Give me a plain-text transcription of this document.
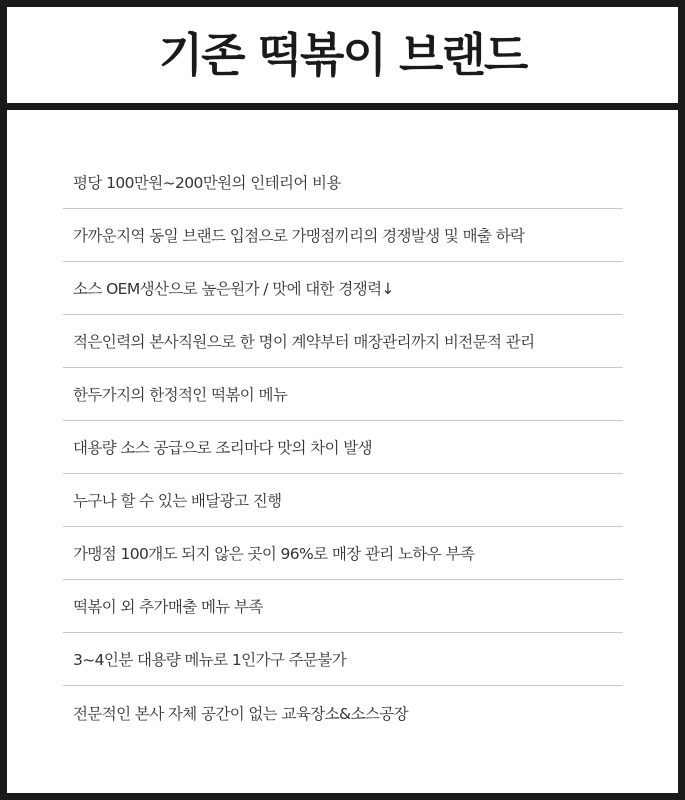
기존 떡볶이 브랜드
평당 100만원~200만원의 인테리어 비용
가까운지역 동일 브랜드 입점으로 가맹점끼리의 경쟁발생 및 매출 하락
소스 OEM생산으로 높은원가 / 맛에 대한 경쟁력↓
적은인력의 본사직원으로 한 명이 계약부터 매장관리까지 비전문적 관리
한두가지의 한정적인 떡볶이 메뉴
대용량 소스 공급으로 조리마다 맛의 차이 발생
누구나 할 수 있는 배달광고 진행
가맹점 100개도 되지 않은 곳이 96%로 매장 관리 노하우 부족
떡볶이 외 추가매출 메뉴 부족
3~4인분 대용량 메뉴로 1인가구 주문불가
전문적인 본사 자체 공간이 없는 교육장소&소스공장
